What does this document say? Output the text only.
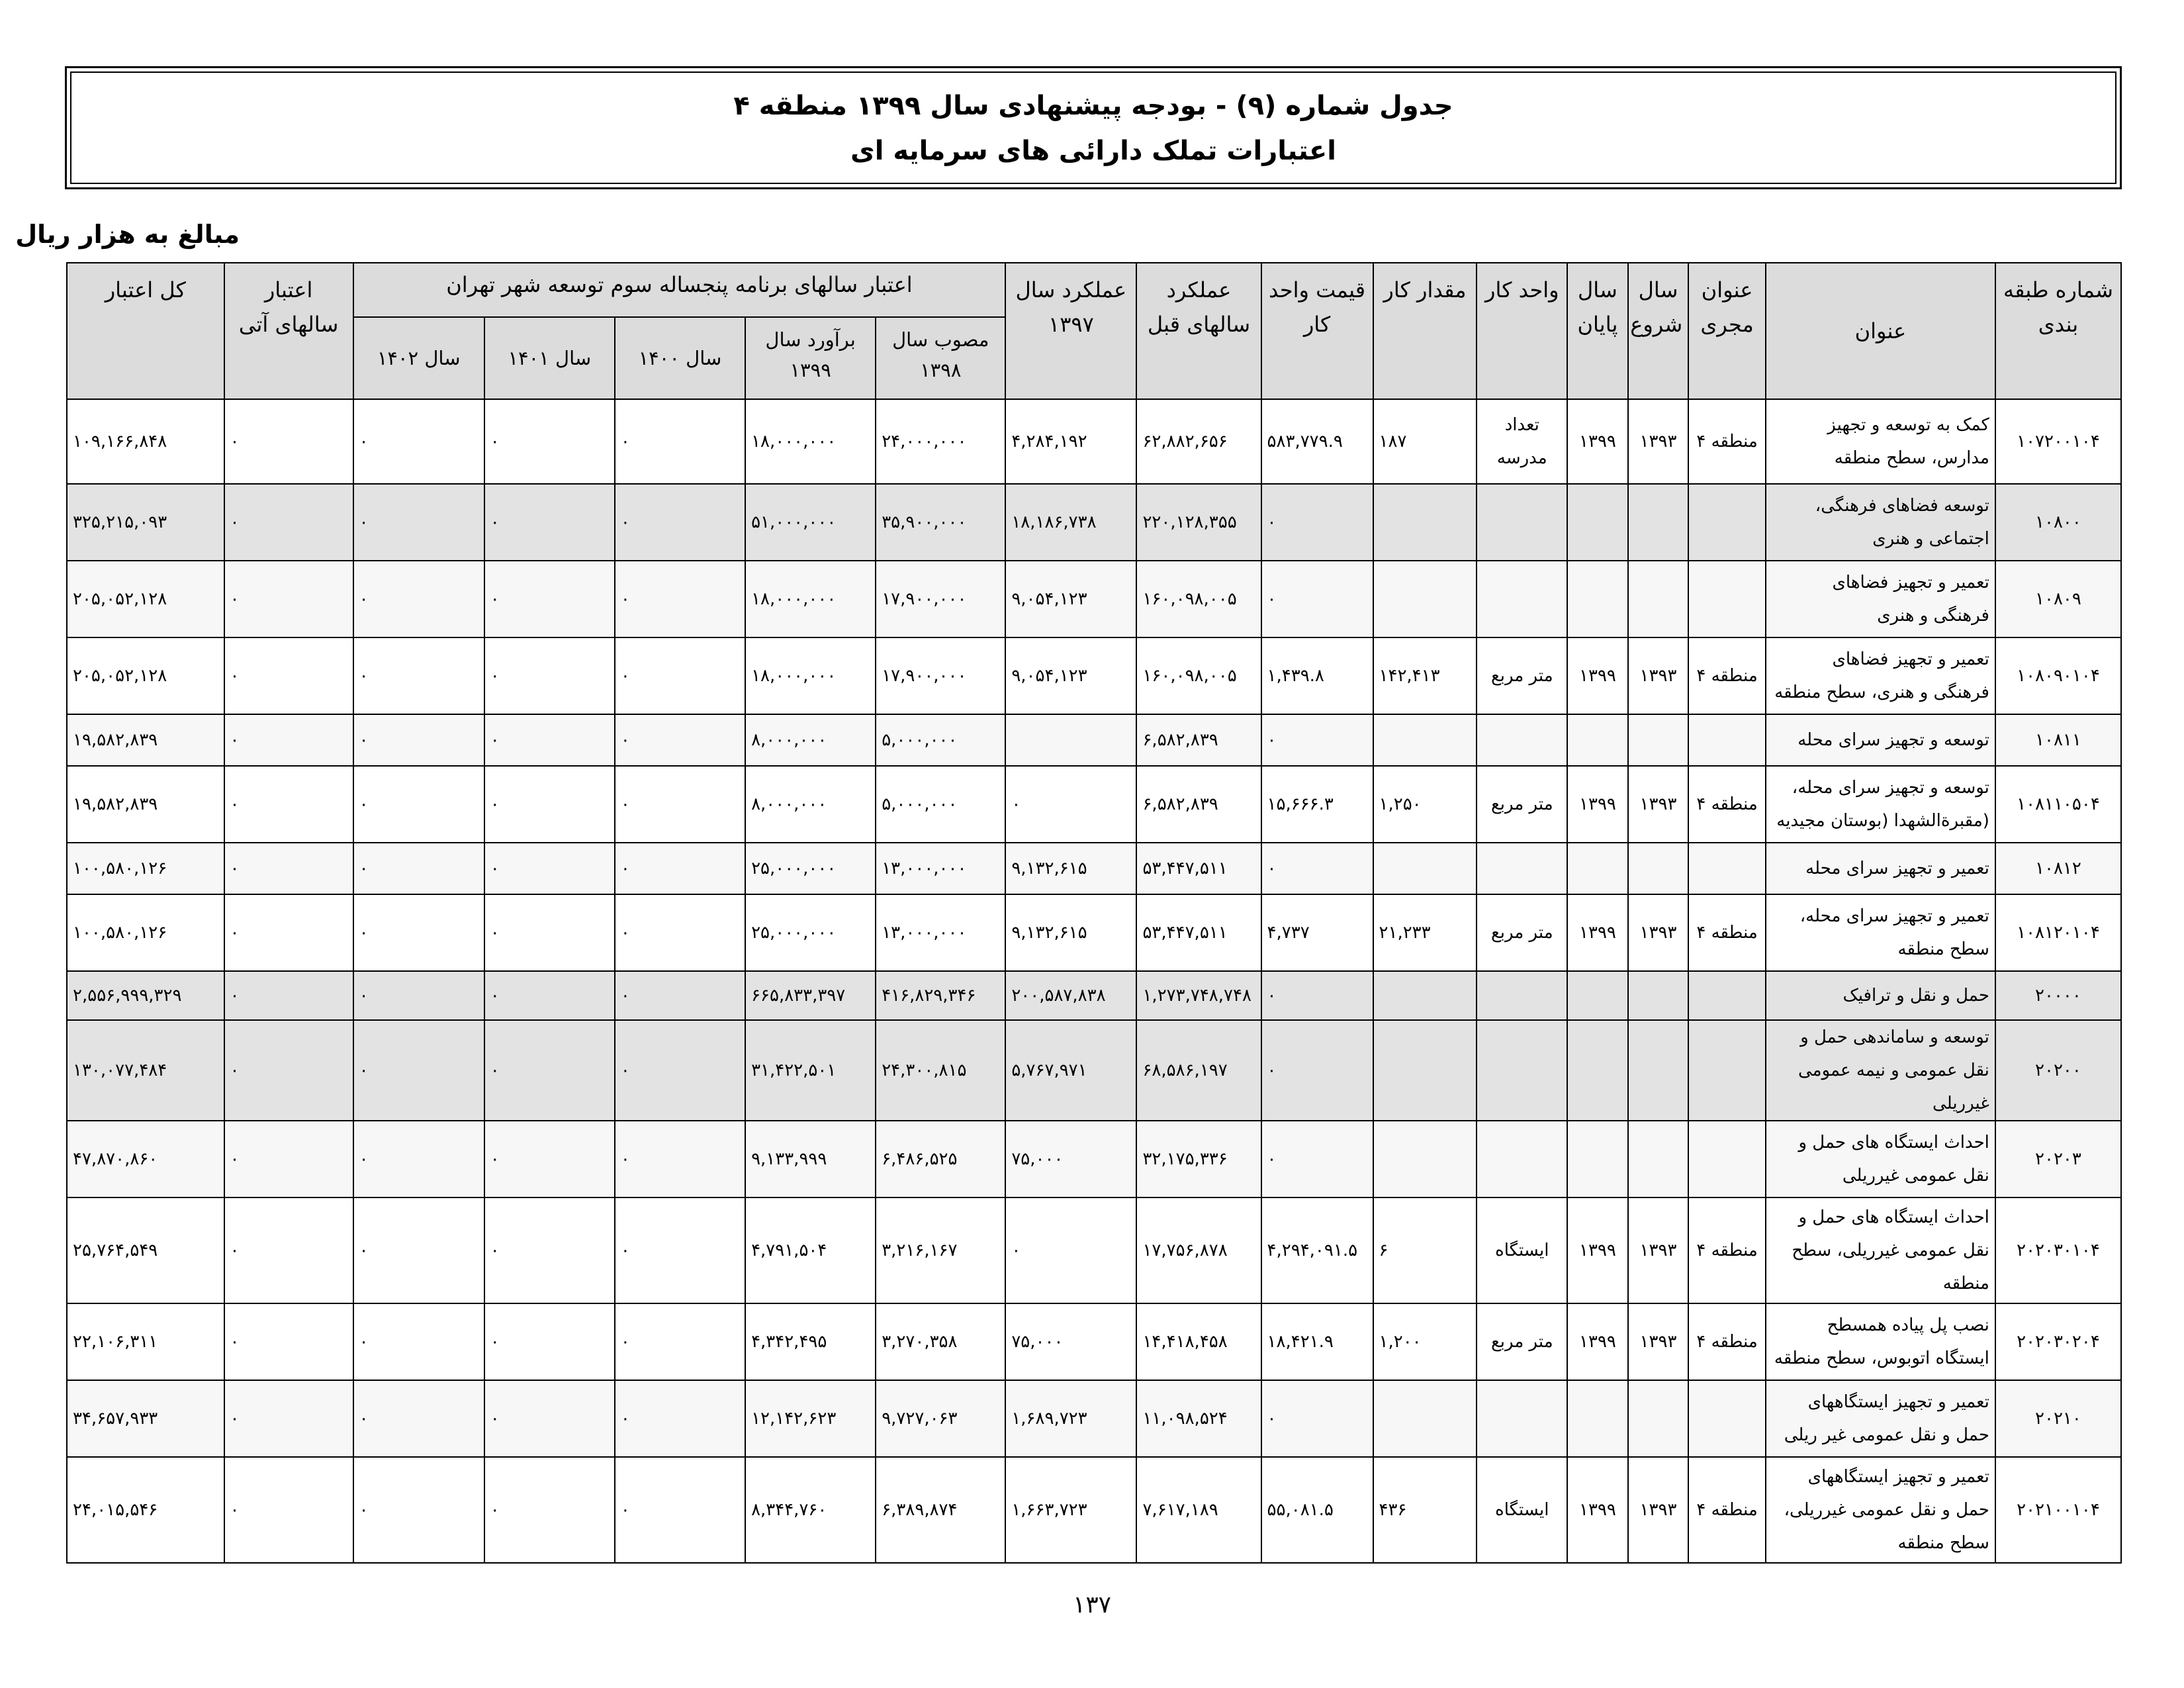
جدول شماره (۹) - بودجه پیشنهادی سال ۱۳۹۹ منطقه ۴
اعتبارات تملک دارائی های سرمایه ای
مبالغ به هزار ریال
شماره طبقه بندی	عنوان	عنوان مجری	سال شروع	سال پایان	واحد کار	مقدار کار	قیمت واحد کار	عملکرد سالهای قبل	عملکرد سال ۱۳۹۷	اعتبار سالهای برنامه پنجساله سوم توسعه شهر تهران					اعتبار سالهای آتی	کل اعتبار
										مصوب سال ۱۳۹۸	برآورد سال ۱۳۹۹	سال ۱۴۰۰	سال ۱۴۰۱	سال ۱۴۰۲		
۱۰۷۲۰۰۱۰۴	کمک به توسعه و تجهیز مدارس، سطح منطقه	منطقه ۴	۱۳۹۳	۱۳۹۹	تعداد مدرسه	۱۸۷	۵۸۳,۷۷۹.۹	۶۲,۸۸۲,۶۵۶	۴,۲۸۴,۱۹۲	۲۴,۰۰۰,۰۰۰	۱۸,۰۰۰,۰۰۰	۰	۰	۰	۰	۱۰۹,۱۶۶,۸۴۸
۱۰۸۰۰	توسعه فضاهای فرهنگی، اجتماعی و هنری						۰	۲۲۰,۱۲۸,۳۵۵	۱۸,۱۸۶,۷۳۸	۳۵,۹۰۰,۰۰۰	۵۱,۰۰۰,۰۰۰	۰	۰	۰	۰	۳۲۵,۲۱۵,۰۹۳
۱۰۸۰۹	تعمیر و تجهیز فضاهای فرهنگی و هنری						۰	۱۶۰,۰۹۸,۰۰۵	۹,۰۵۴,۱۲۳	۱۷,۹۰۰,۰۰۰	۱۸,۰۰۰,۰۰۰	۰	۰	۰	۰	۲۰۵,۰۵۲,۱۲۸
۱۰۸۰۹۰۱۰۴	تعمیر و تجهیز فضاهای فرهنگی و هنری، سطح منطقه	منطقه ۴	۱۳۹۳	۱۳۹۹	متر مربع	۱۴۲,۴۱۳	۱,۴۳۹.۸	۱۶۰,۰۹۸,۰۰۵	۹,۰۵۴,۱۲۳	۱۷,۹۰۰,۰۰۰	۱۸,۰۰۰,۰۰۰	۰	۰	۰	۰	۲۰۵,۰۵۲,۱۲۸
۱۰۸۱۱	توسعه و تجهیز سرای محله						۰	۶,۵۸۲,۸۳۹		۵,۰۰۰,۰۰۰	۸,۰۰۰,۰۰۰	۰	۰	۰	۰	۱۹,۵۸۲,۸۳۹
۱۰۸۱۱۰۵۰۴	توسعه و تجهیز سرای محله، (مقبرةالشهدا (بوستان مجیدیه	منطقه ۴	۱۳۹۳	۱۳۹۹	متر مربع	۱,۲۵۰	۱۵,۶۶۶.۳	۶,۵۸۲,۸۳۹	۰	۵,۰۰۰,۰۰۰	۸,۰۰۰,۰۰۰	۰	۰	۰	۰	۱۹,۵۸۲,۸۳۹
۱۰۸۱۲	تعمیر و تجهیز سرای محله						۰	۵۳,۴۴۷,۵۱۱	۹,۱۳۲,۶۱۵	۱۳,۰۰۰,۰۰۰	۲۵,۰۰۰,۰۰۰	۰	۰	۰	۰	۱۰۰,۵۸۰,۱۲۶
۱۰۸۱۲۰۱۰۴	تعمیر و تجهیز سرای محله، سطح منطقه	منطقه ۴	۱۳۹۳	۱۳۹۹	متر مربع	۲۱,۲۳۳	۴,۷۳۷	۵۳,۴۴۷,۵۱۱	۹,۱۳۲,۶۱۵	۱۳,۰۰۰,۰۰۰	۲۵,۰۰۰,۰۰۰	۰	۰	۰	۰	۱۰۰,۵۸۰,۱۲۶
۲۰۰۰۰	حمل و نقل و ترافیک						۰	۱,۲۷۳,۷۴۸,۷۴۸	۲۰۰,۵۸۷,۸۳۸	۴۱۶,۸۲۹,۳۴۶	۶۶۵,۸۳۳,۳۹۷	۰	۰	۰	۰	۲,۵۵۶,۹۹۹,۳۲۹
۲۰۲۰۰	توسعه و ساماندهی حمل و نقل عمومی و نیمه عمومی غیرریلی						۰	۶۸,۵۸۶,۱۹۷	۵,۷۶۷,۹۷۱	۲۴,۳۰۰,۸۱۵	۳۱,۴۲۲,۵۰۱	۰	۰	۰	۰	۱۳۰,۰۷۷,۴۸۴
۲۰۲۰۳	احداث ایستگاه های حمل و نقل عمومی غیرریلی						۰	۳۲,۱۷۵,۳۳۶	۷۵,۰۰۰	۶,۴۸۶,۵۲۵	۹,۱۳۳,۹۹۹	۰	۰	۰	۰	۴۷,۸۷۰,۸۶۰
۲۰۲۰۳۰۱۰۴	احداث ایستگاه های حمل و نقل عمومی غیرریلی، سطح منطقه	منطقه ۴	۱۳۹۳	۱۳۹۹	ایستگاه	۶	۴,۲۹۴,۰۹۱.۵	۱۷,۷۵۶,۸۷۸	۰	۳,۲۱۶,۱۶۷	۴,۷۹۱,۵۰۴	۰	۰	۰	۰	۲۵,۷۶۴,۵۴۹
۲۰۲۰۳۰۲۰۴	نصب پل پیاده همسطح ایستگاه اتوبوس، سطح منطقه	منطقه ۴	۱۳۹۳	۱۳۹۹	متر مربع	۱,۲۰۰	۱۸,۴۲۱.۹	۱۴,۴۱۸,۴۵۸	۷۵,۰۰۰	۳,۲۷۰,۳۵۸	۴,۳۴۲,۴۹۵	۰	۰	۰	۰	۲۲,۱۰۶,۳۱۱
۲۰۲۱۰	تعمیر و تجهیز ایستگاههای حمل و نقل عمومی غیر ریلی						۰	۱۱,۰۹۸,۵۲۴	۱,۶۸۹,۷۲۳	۹,۷۲۷,۰۶۳	۱۲,۱۴۲,۶۲۳	۰	۰	۰	۰	۳۴,۶۵۷,۹۳۳
۲۰۲۱۰۰۱۰۴	تعمیر و تجهیز ایستگاههای حمل و نقل عمومی غیرریلی، سطح منطقه	منطقه ۴	۱۳۹۳	۱۳۹۹	ایستگاه	۴۳۶	۵۵,۰۸۱.۵	۷,۶۱۷,۱۸۹	۱,۶۶۳,۷۲۳	۶,۳۸۹,۸۷۴	۸,۳۴۴,۷۶۰	۰	۰	۰	۰	۲۴,۰۱۵,۵۴۶
۱۳۷
